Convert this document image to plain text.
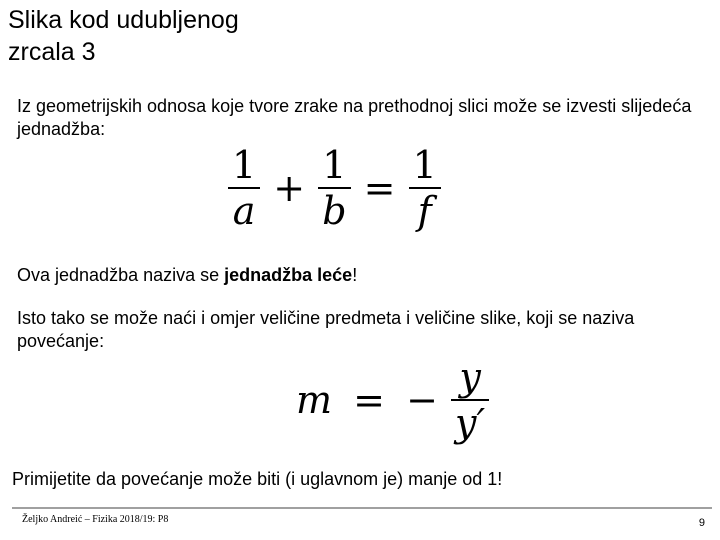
Slika kod udubljenog
zrcala 3

Iz geometrijskih odnosa koje tvore zrake na prethodnoj slici može se izvesti slijedeća jednadžba:

$\frac{1}{a} + \frac{1}{b} = \frac{1}{f}$

Ova jednadžba naziva se jednadžba leće!

Isto tako se može naći i omjer veličine predmeta i veličine slike, koji se naziva povećanje:

m = − $\frac{y}{y'}$

Primijetite da povećanje može biti (i uglavnom je) manje od 1!

Željko Andreić – Fizika 2018/19: P8	9
